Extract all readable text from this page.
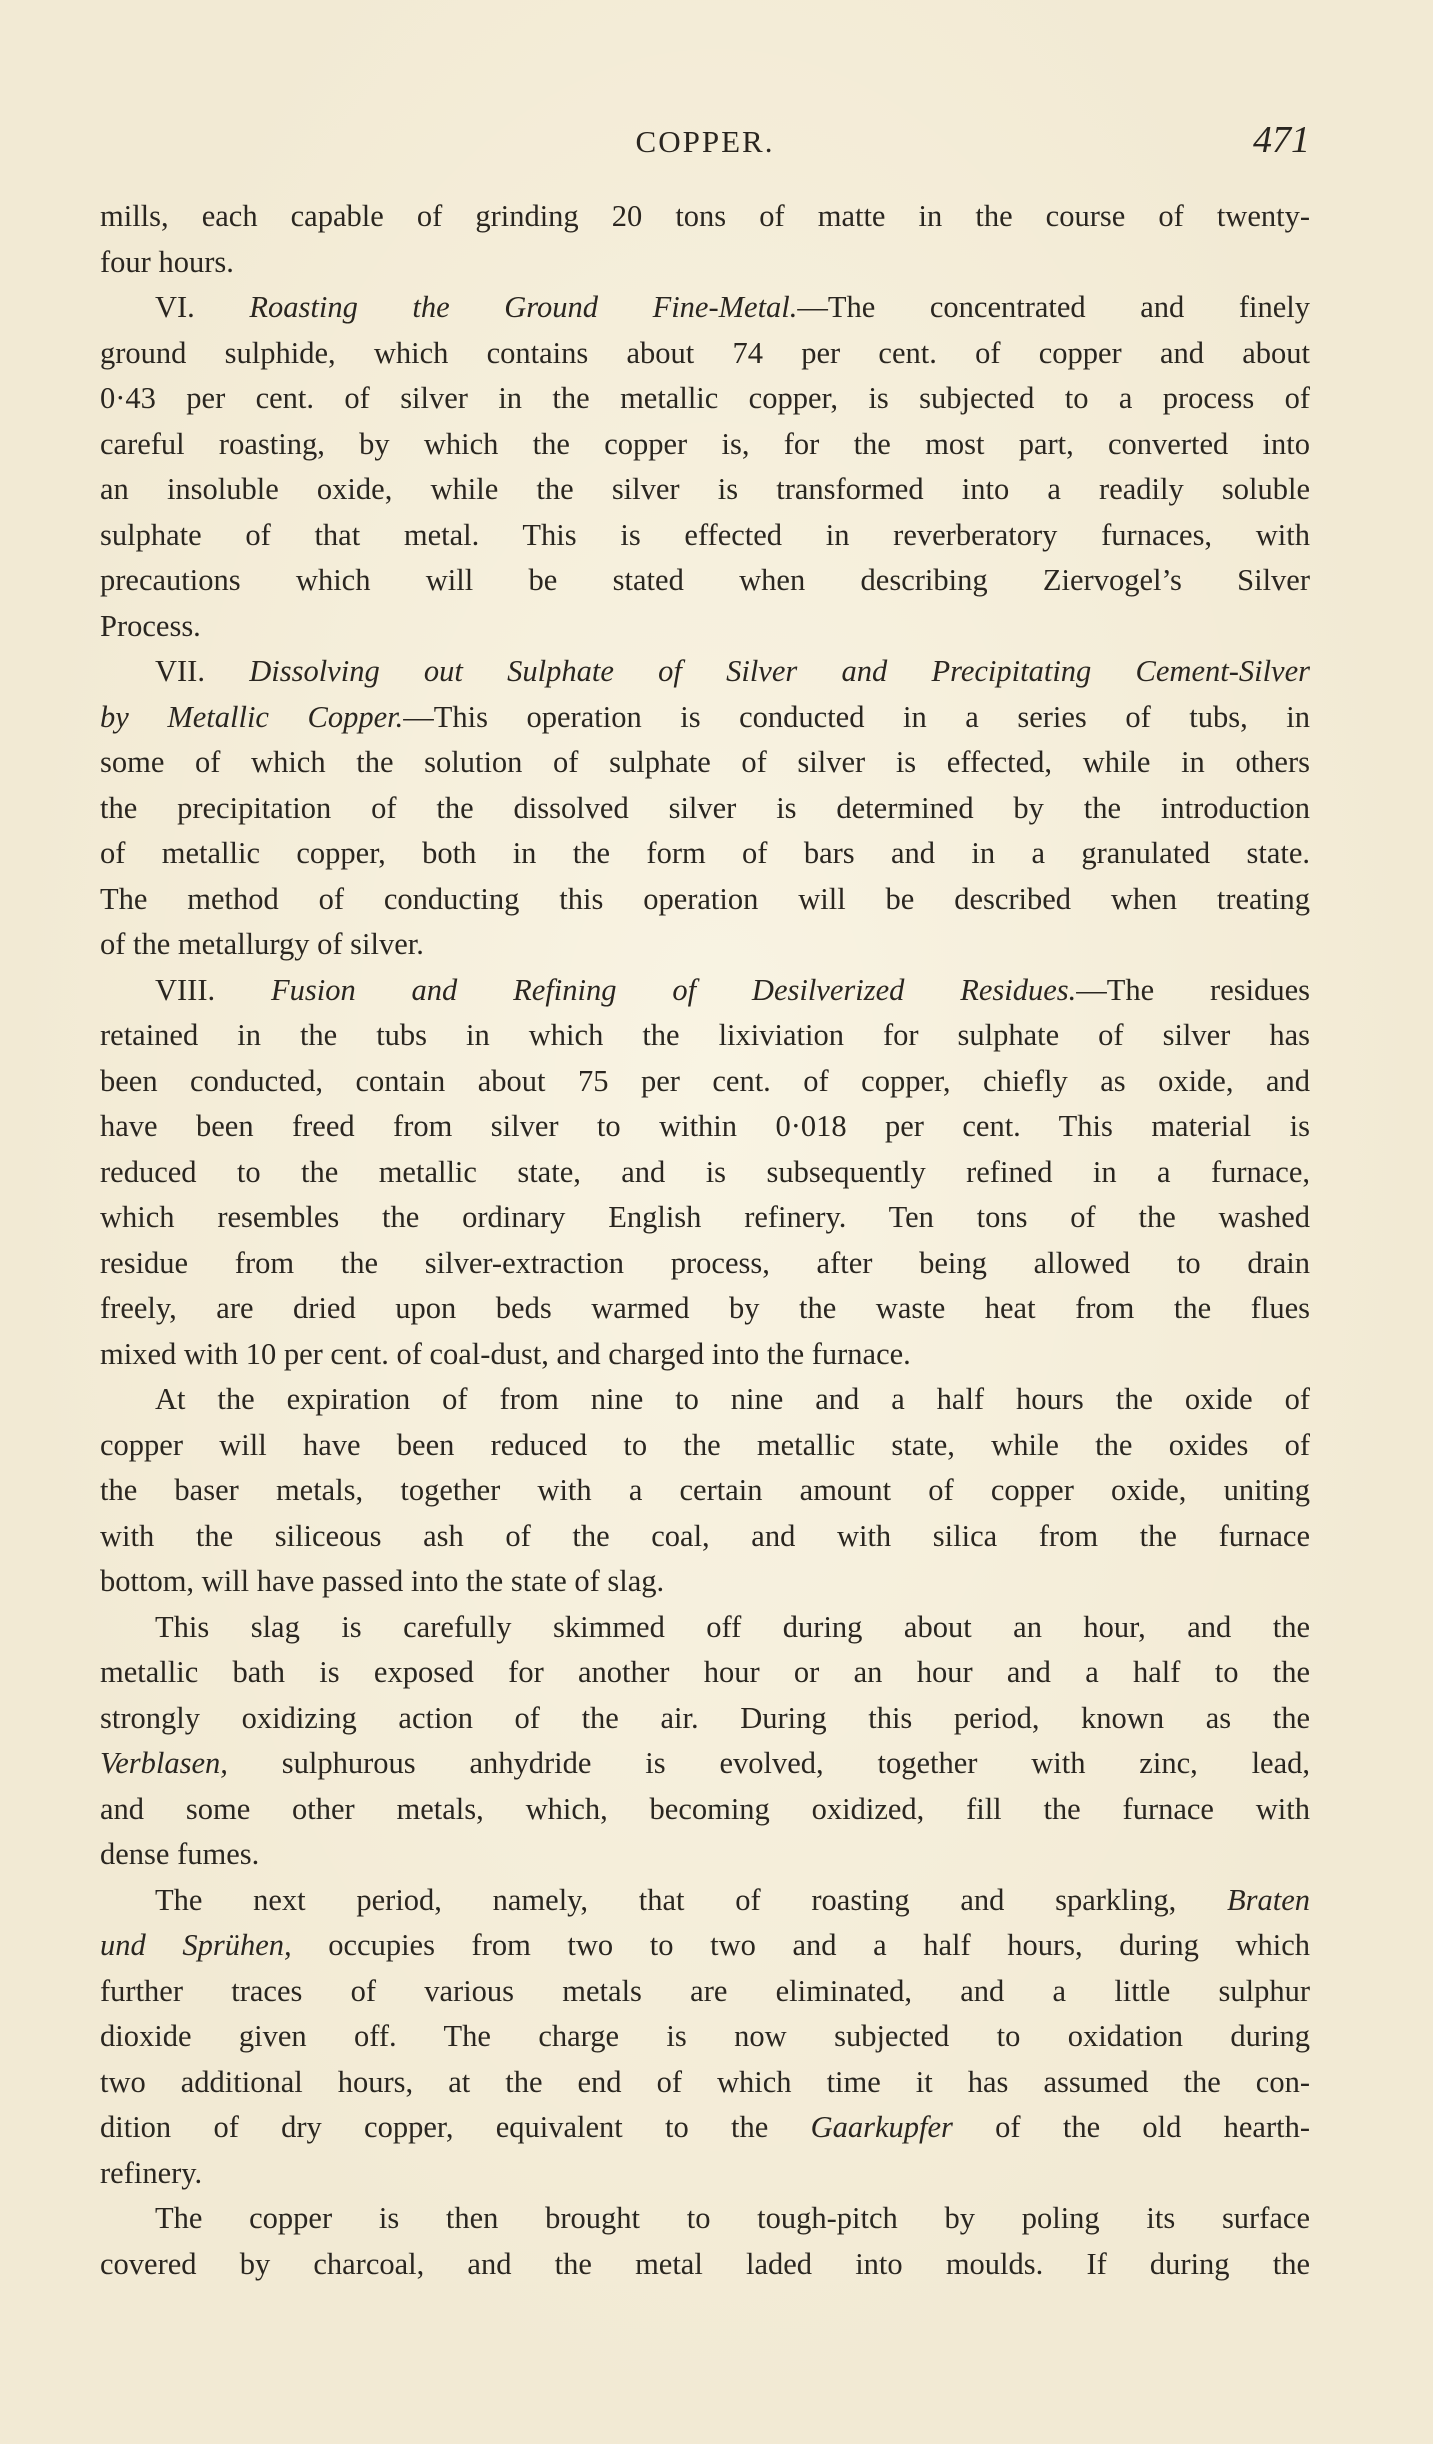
COPPER.	471
mills, each capable of grinding 20 tons of matte in the course of twenty-
four hours.
VI. Roasting the Ground Fine-Metal.—The concentrated and finely
ground sulphide, which contains about 74 per cent. of copper and about
0·43 per cent. of silver in the metallic copper, is subjected to a process of
careful roasting, by which the copper is, for the most part, converted into
an insoluble oxide, while the silver is transformed into a readily soluble
sulphate of that metal. This is effected in reverberatory furnaces, with
precautions which will be stated when describing Ziervogel’s Silver
Process.
VII. Dissolving out Sulphate of Silver and Precipitating Cement-Silver
by Metallic Copper.—This operation is conducted in a series of tubs, in
some of which the solution of sulphate of silver is effected, while in others
the precipitation of the dissolved silver is determined by the introduction
of metallic copper, both in the form of bars and in a granulated state.
The method of conducting this operation will be described when treating
of the metallurgy of silver.
VIII. Fusion and Refining of Desilverized Residues.—The residues
retained in the tubs in which the lixiviation for sulphate of silver has
been conducted, contain about 75 per cent. of copper, chiefly as oxide, and
have been freed from silver to within 0·018 per cent. This material is
reduced to the metallic state, and is subsequently refined in a furnace,
which resembles the ordinary English refinery. Ten tons of the washed
residue from the silver-extraction process, after being allowed to drain
freely, are dried upon beds warmed by the waste heat from the flues
mixed with 10 per cent. of coal-dust, and charged into the furnace.
At the expiration of from nine to nine and a half hours the oxide of
copper will have been reduced to the metallic state, while the oxides of
the baser metals, together with a certain amount of copper oxide, uniting
with the siliceous ash of the coal, and with silica from the furnace
bottom, will have passed into the state of slag.
This slag is carefully skimmed off during about an hour, and the
metallic bath is exposed for another hour or an hour and a half to the
strongly oxidizing action of the air. During this period, known as the
Verblasen, sulphurous anhydride is evolved, together with zinc, lead,
and some other metals, which, becoming oxidized, fill the furnace with
dense fumes.
The next period, namely, that of roasting and sparkling, Braten
und Sprühen, occupies from two to two and a half hours, during which
further traces of various metals are eliminated, and a little sulphur
dioxide given off. The charge is now subjected to oxidation during
two additional hours, at the end of which time it has assumed the con-
dition of dry copper, equivalent to the Gaarkupfer of the old hearth-
refinery.
The copper is then brought to tough-pitch by poling its surface
covered by charcoal, and the metal laded into moulds. If during the
